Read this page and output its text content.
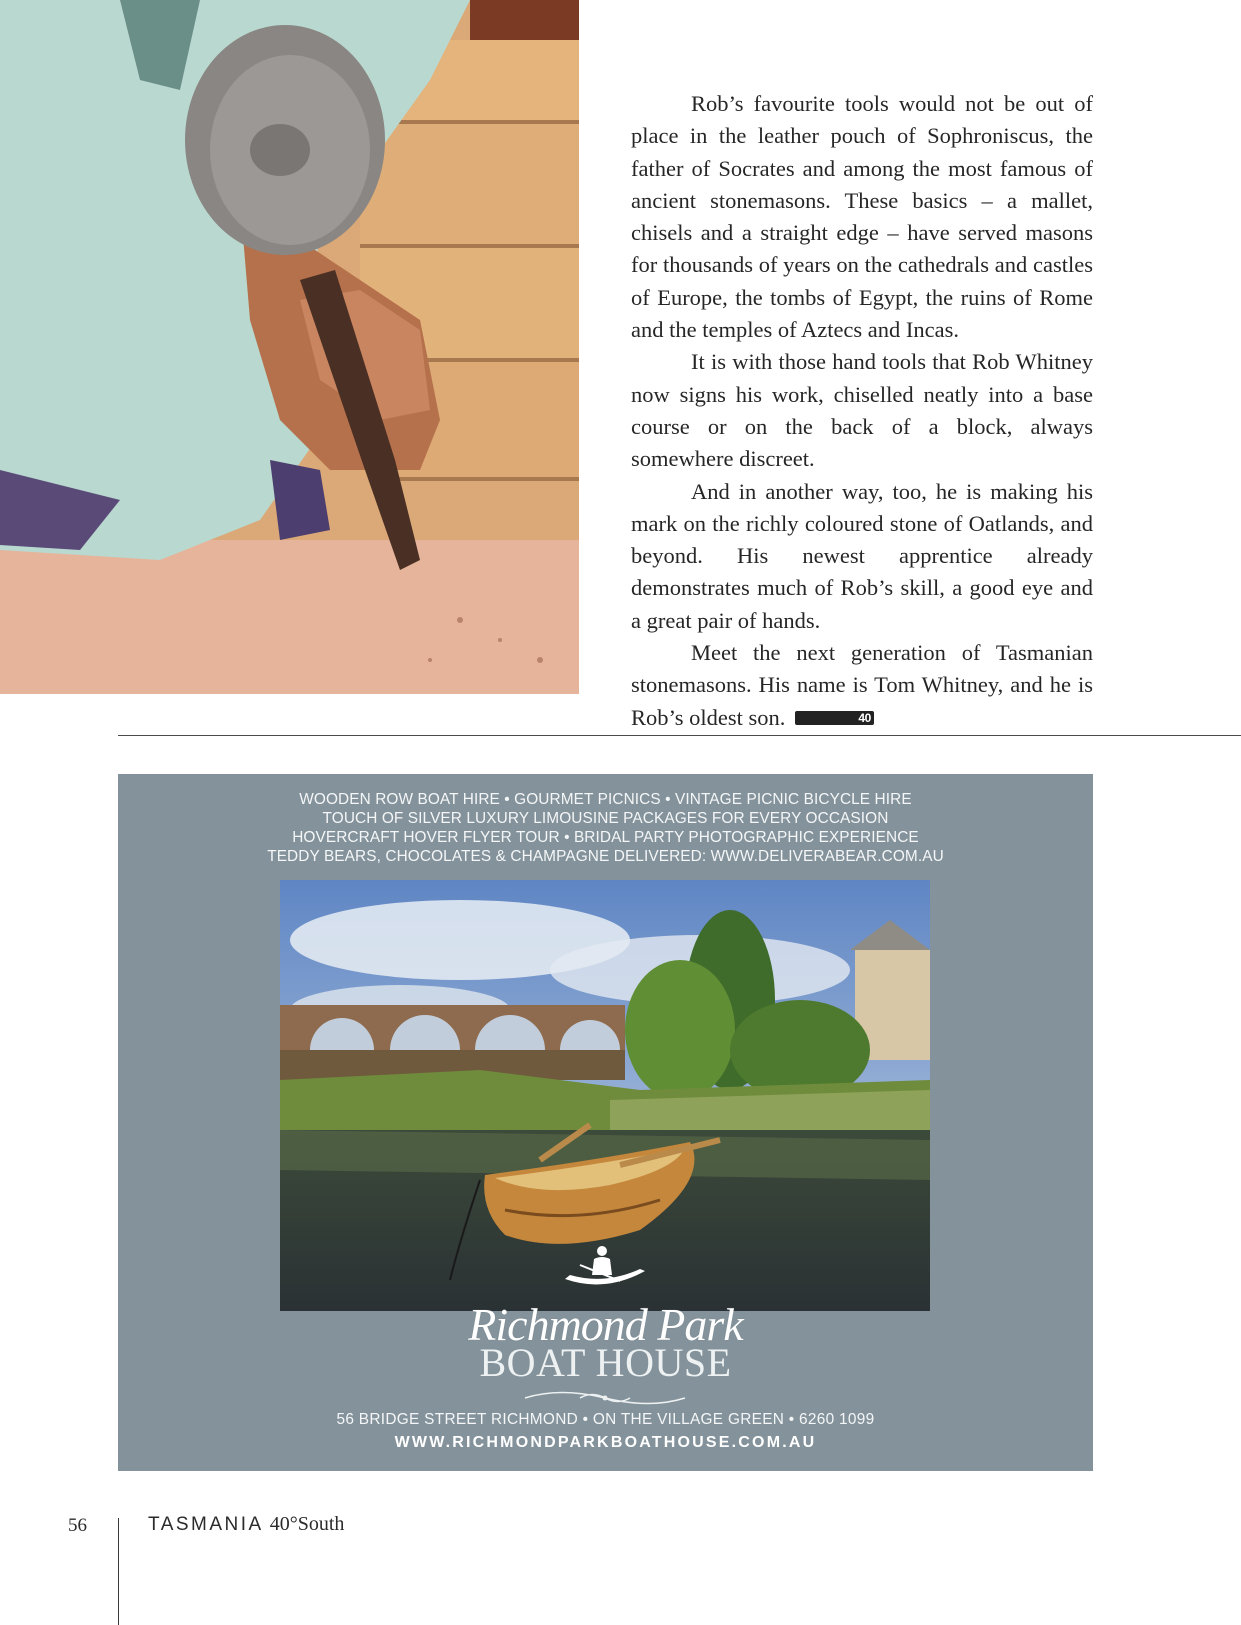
Rob’s favourite tools would not be out of place in the leather pouch of Sophroniscus, the father of Socrates and among the most famous of ancient stonemasons. These basics – a mallet, chisels and a straight edge – have served masons for thousands of years on the cathedrals and castles of Europe, the tombs of Egypt, the ruins of Rome and the temples of Aztecs and Incas.

It is with those hand tools that Rob Whitney now signs his work, chiselled neatly into a base course or on the back of a block, always somewhere discreet.

And in another way, too, he is making his mark on the richly coloured stone of Oatlands, and beyond. His newest apprentice already demonstrates much of Rob’s skill, a good eye and a great pair of hands.

Meet the next generation of Tasmanian stonemasons. His name is Tom Whitney, and he is Rob’s oldest son.	40

WOODEN ROW BOAT HIRE • GOURMET PICNICS • VINTAGE PICNIC BICYCLE HIRE
TOUCH OF SILVER LUXURY LIMOUSINE PACKAGES FOR EVERY OCCASION
HOVERCRAFT HOVER FLYER TOUR • BRIDAL PARTY PHOTOGRAPHIC EXPERIENCE
TEDDY BEARS, CHOCOLATES & CHAMPAGNE DELIVERED: WWW.DELIVERABEAR.COM.AU
Richmond Park
BOAT HOUSE
56 BRIDGE STREET RICHMOND • ON THE VILLAGE GREEN • 6260 1099
WWW.RICHMONDPARKBOATHOUSE.COM.AU
56	TASMANIA 40°South
